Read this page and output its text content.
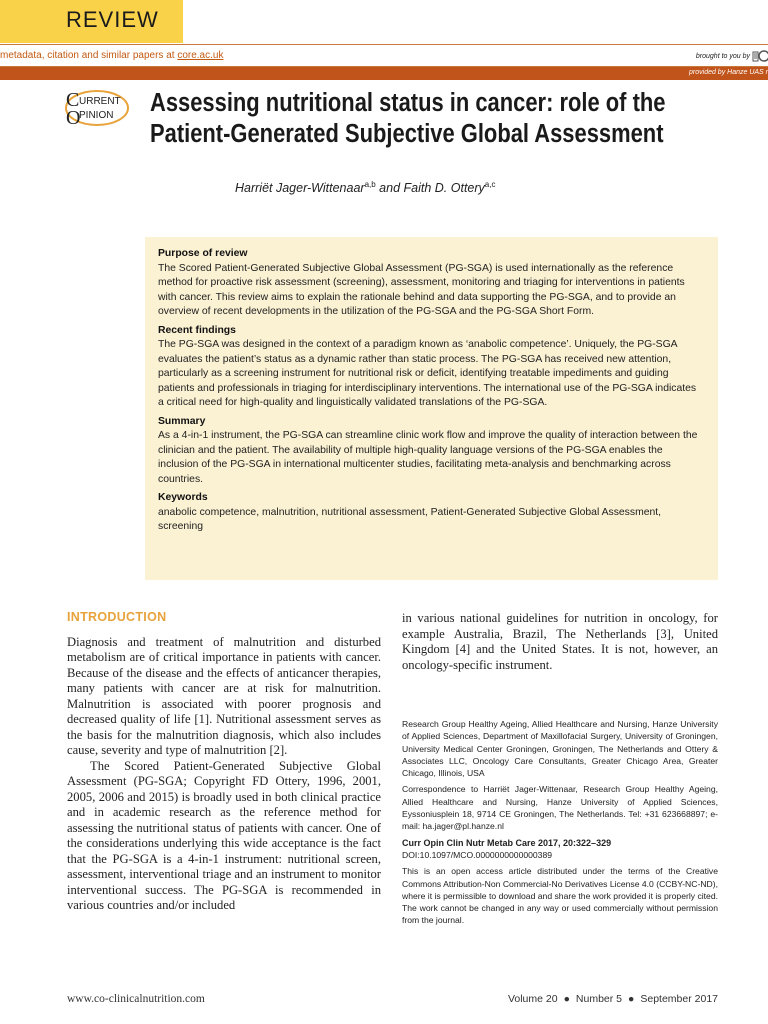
REVIEW
metadata, citation and similar papers at core.ac.uk	brought to you by
provided by Hanze UAS r
C
O
URRENT
PINION Assessing nutritional status in cancer: role of the
Patient-Generated Subjective Global Assessment
Harriët Jager-Wittenaar$^{a,b}$ and Faith D. Ottery$^{a,c}$
Purpose of review

The Scored Patient-Generated Subjective Global Assessment (PG-SGA) is used internationally as the reference method for proactive risk assessment (screening), assessment, monitoring and triaging for interventions in patients with cancer. This review aims to explain the rationale behind and data supporting the PG-SGA, and to provide an overview of recent developments in the utilization of the PG-SGA and the PG-SGA Short Form.

Recent findings

The PG-SGA was designed in the context of a paradigm known as ‘anabolic competence’. Uniquely, the PG-SGA evaluates the patient’s status as a dynamic rather than static process. The PG-SGA has received new attention, particularly as a screening instrument for nutritional risk or deficit, identifying treatable impediments and guiding patients and professionals in triaging for interdisciplinary interventions. The international use of the PG-SGA indicates a critical need for high-quality and linguistically validated translations of the PG-SGA.

Summary

As a 4-in-1 instrument, the PG-SGA can streamline clinic work flow and improve the quality of interaction between the clinician and the patient. The availability of multiple high-quality language versions of the PG-SGA enables the inclusion of the PG-SGA in international multicenter studies, facilitating meta-analysis and benchmarking across countries.

Keywords

anabolic competence, malnutrition, nutritional assessment, Patient-Generated Subjective Global Assessment, screening

INTRODUCTION

Diagnosis and treatment of malnutrition and disturbed metabolism are of critical importance in patients with cancer. Because of the disease and the effects of anticancer therapies, many patients with cancer are at risk for malnutrition. Malnutrition is associated with poorer prognosis and decreased quality of life [1]. Nutritional assessment serves as the basis for the malnutrition diagnosis, which also includes cause, severity and type of malnutrition [2].

The Scored Patient-Generated Subjective Global Assessment (PG-SGA; Copyright FD Ottery, 1996, 2001, 2005, 2006 and 2015) is broadly used in both clinical practice and in academic research as the reference method for assessing the nutritional status of patients with cancer. One of the considerations underlying this wide acceptance is the fact that the PG-SGA is a 4-in-1 instrument: nutritional screen, assessment, interventional triage and an instrument to monitor interventional success. The PG-SGA is recommended in various countries and/or included

in various national guidelines for nutrition in oncology, for example Australia, Brazil, The Netherlands [3], United Kingdom [4] and the United States. It is not, however, an oncology-specific instrument.

Research Group Healthy Ageing, Allied Healthcare and Nursing, Hanze University of Applied Sciences, Department of Maxillofacial Surgery, University of Groningen, University Medical Center Groningen, Groningen, The Netherlands and Ottery & Associates LLC, Oncology Care Consultants, Greater Chicago Area, Greater Chicago, Illinois, USA

Correspondence to Harriët Jager-Wittenaar, Research Group Healthy Ageing, Allied Healthcare and Nursing, Hanze University of Applied Sciences, Eyssoniusplein 18, 9714 CE Groningen, The Netherlands. Tel: +31 623668897; e-mail: ha.jager@pl.hanze.nl

Curr Opin Clin Nutr Metab Care 2017, 20:322–329

DOI:10.1097/MCO.0000000000000389

This is an open access article distributed under the terms of the Creative Commons Attribution-Non Commercial-No Derivatives License 4.0 (CCBY-NC-ND), where it is permissible to download and share the work provided it is properly cited. The work cannot be changed in any way or used commercially without permission from the journal.

www.co-clinicalnutrition.com	Volume 20 ● Number 5 ● September 2017
